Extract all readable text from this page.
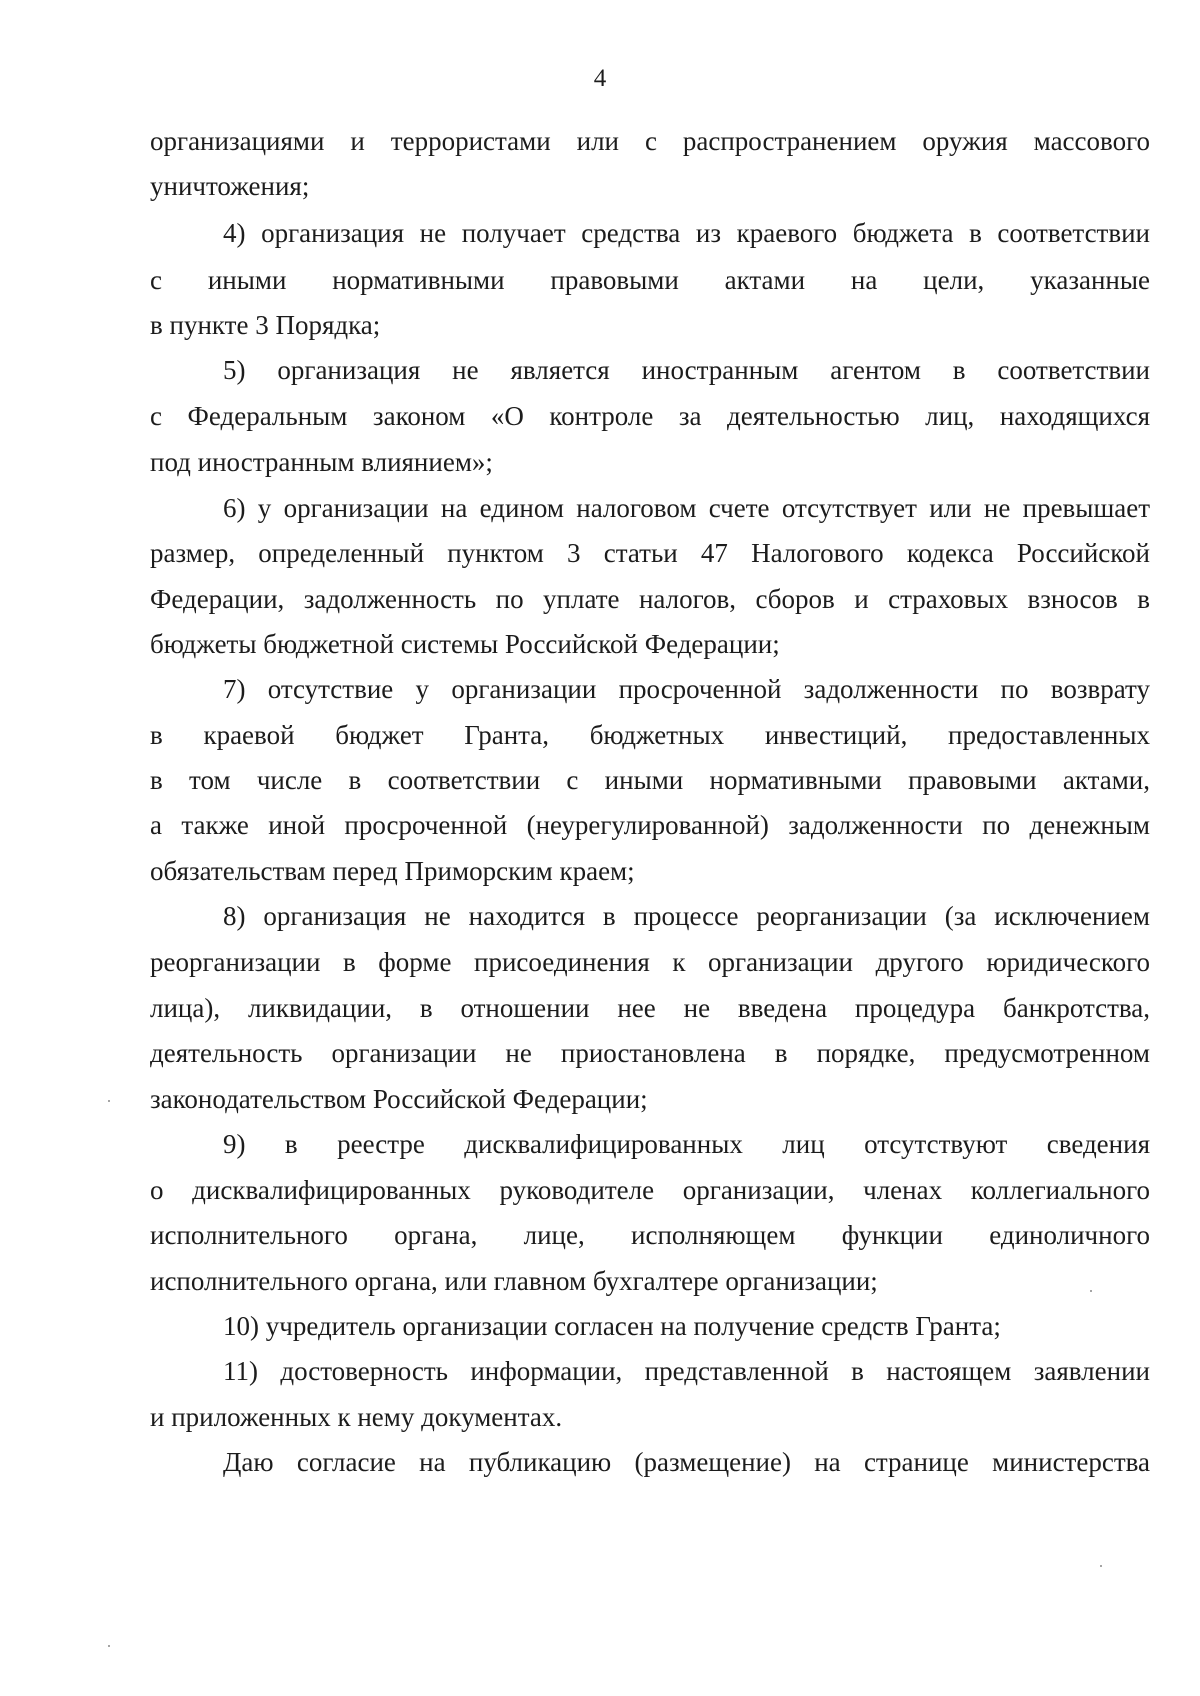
4
организациями и террористами или с распространением оружия массового
уничтожения;
4) организация не получает средства из краевого бюджета в соответствии
с иными нормативными правовыми актами на цели, указанные
в пункте 3 Порядка;
5) организация не является иностранным агентом в соответствии
с Федеральным законом «О контроле за деятельностью лиц, находящихся
под иностранным влиянием»;
6) у организации на едином налоговом счете отсутствует или не превышает
размер, определенный пунктом 3 статьи 47 Налогового кодекса Российской
Федерации, задолженность по уплате налогов, сборов и страховых взносов в
бюджеты бюджетной системы Российской Федерации;
7) отсутствие у организации просроченной задолженности по возврату
в краевой бюджет Гранта, бюджетных инвестиций, предоставленных
в том числе в соответствии с иными нормативными правовыми актами,
а также иной просроченной (неурегулированной) задолженности по денежным
обязательствам перед Приморским краем;
8) организация не находится в процессе реорганизации (за исключением
реорганизации в форме присоединения к организации другого юридического
лица), ликвидации, в отношении нее не введена процедура банкротства,
деятельность организации не приостановлена в порядке, предусмотренном
законодательством Российской Федерации;
9) в реестре дисквалифицированных лиц отсутствуют сведения
о дисквалифицированных руководителе организации, членах коллегиального
исполнительного органа, лице, исполняющем функции единоличного
исполнительного органа, или главном бухгалтере организации;
10) учредитель организации согласен на получение средств Гранта;
11) достоверность информации, представленной в настоящем заявлении
и приложенных к нему документах.
Даю согласие на публикацию (размещение) на странице министерства
